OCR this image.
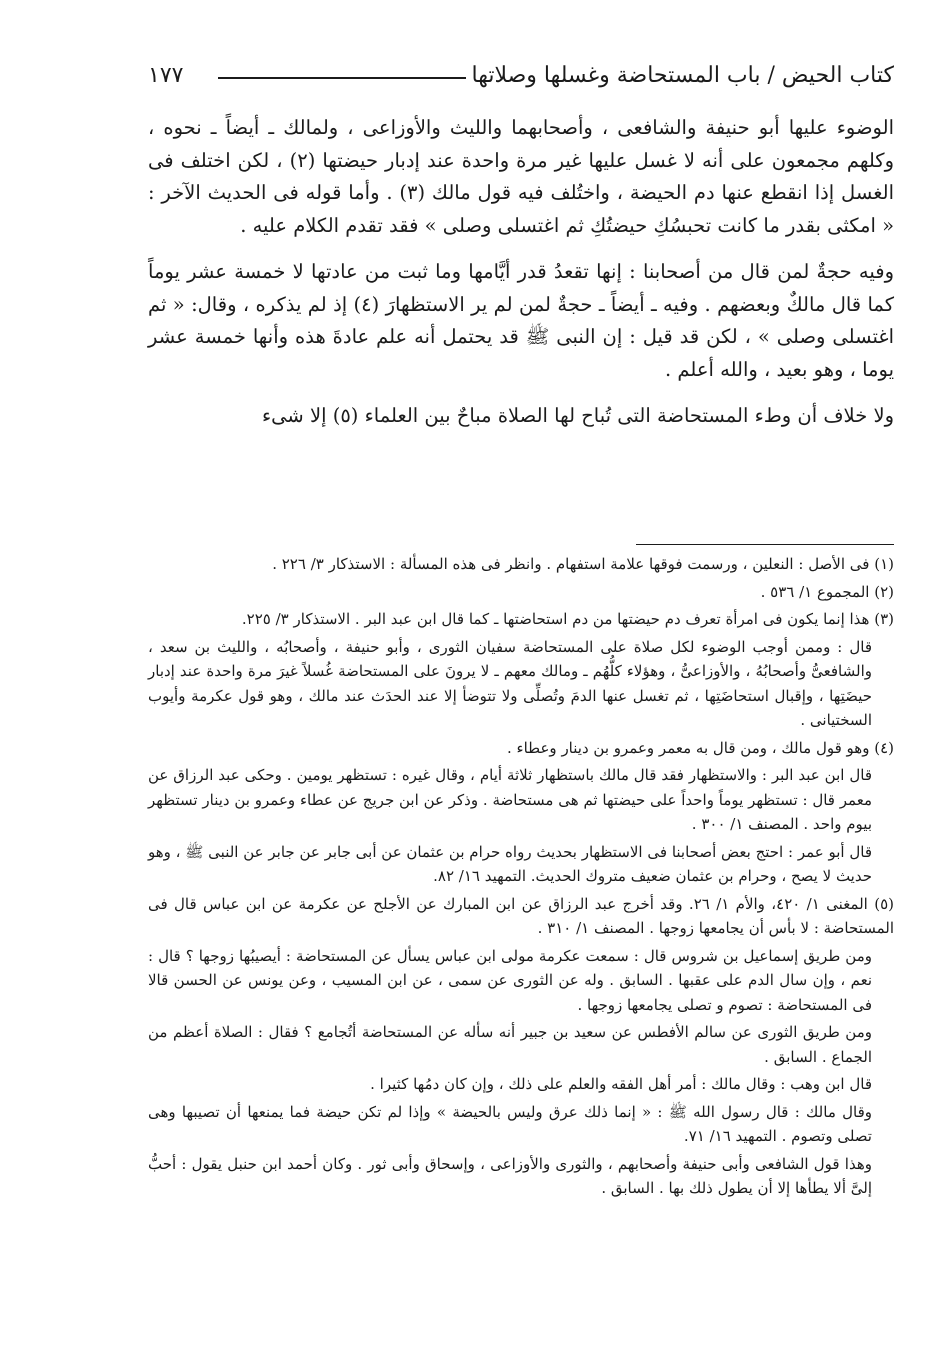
كتاب الحيض / باب المستحاضة وغسلها وصلاتها
١٧٧

الوضوء عليها أبو حنيفة والشافعى ، وأصحابهما والليث والأوزاعى ، ولمالك ـ أيضاً ـ نحوه ، وكلهم مجمعون على أنه لا غسل عليها غير مرة واحدة عند إدبار حيضتها (٢) ، لكن اختلف فى الغسل إذا انقطع عنها دم الحيضة ، واختُلف فيه قول مالك (٣) . وأما قوله فى الحديث الآخر : « امكثى بقدر ما كانت تحبسُكِ حيضتُكِ ثم اغتسلى وصلى » فقد تقدم الكلام عليه .

وفيه حجةٌ لمن قال من أصحابنا : إنها تقعدُ قدر أيَّامها وما ثبت من عادتها لا خمسة عشر يوماً كما قال مالكٌ وبعضهم . وفيه ـ أيضاً ـ حجةٌ لمن لم ير الاستظهارَ (٤) إذ لم يذكره ، وقال: « ثم اغتسلى وصلى » ، لكن قد قيل : إن النبى ﷺ قد يحتمل أنه علم عادةَ هذه وأنها خمسة عشر يوما ، وهو بعيد ، والله أعلم .

ولا خلاف أن وطء المستحاضة التى تُباح لها الصلاة مباحٌ بين العلماء (٥) إلا شىء

(١) فى الأصل : النعلين ، ورسمت فوقها علامة استفهام . وانظر فى هذه المسألة : الاستذكار ٣/ ٢٢٦ .

(٢) المجموع ١/ ٥٣٦ .

(٣) هذا إنما يكون فى امرأة تعرف دم حيضتها من دم استحاضتها ـ كما قال ابن عبد البر . الاستذكار ٣/ ٢٢٥.

قال : وممن أوجب الوضوء لكل صلاة على المستحاضة سفيان الثورى ، وأبو حنيفة ، وأصحابُه ، والليث بن سعد ، والشافعىُّ وأصحابُهُ ، والأوزاعىُّ ، وهؤلاء كلُّهُم ـ ومالك معهم ـ لا يرونَ على المستحاضة غُسلاً غيرَ مرة واحدة عند إدبار حيضَتِها ، وإقبال استحاضَتِها ، ثم تغسل عنها الدمَ وتُصلِّى ولا تتوضأ إلا عند الحدَث عند مالك ، وهو قول عكرمة وأيوب السختيانى .

(٤) وهو قول مالك ، ومن قال به معمر وعمرو بن دينار وعطاء .

قال ابن عبد البر : والاستظهار فقد قال مالك باستظهار ثلاثة أيام ، وقال غيره : تستظهر يومين . وحكى عبد الرزاق عن معمر قال : تستظهر يوماً واحداً على حيضتها ثم هى مستحاضة . وذكر عن ابن جريج عن عطاء وعمرو بن دينار تستظهر بيوم واحد . المصنف ١/ ٣٠٠ .

قال أبو عمر : احتج بعض أصحابنا فى الاستظهار بحديث رواه حرام بن عثمان عن أبى جابر عن جابر عن النبى ﷺ ، وهو حديث لا يصح ، وحرام بن عثمان ضعيف متروك الحديث. التمهيد ١٦/ ٨٢.

(٥) المغنى ١/ ٤٢٠، والأم ١/ ٢٦. وقد أخرج عبد الرزاق عن ابن المبارك عن الأجلح عن عكرمة عن ابن عباس قال فى المستحاضة : لا بأس أن يجامعها زوجها . المصنف ١/ ٣١٠ .

ومن طريق إسماعيل بن شروس قال : سمعت عكرمة مولى ابن عباس يسأل عن المستحاضة : أيصيبُها زوجها ؟ قال : نعم ، وإن سال الدم على عقبها . السابق . وله عن الثورى عن سمى ، عن ابن المسيب ، وعن يونس عن الحسن قالا فى المستحاضة : تصوم و تصلى يجامعها زوجها .

ومن طريق الثورى عن سالم الأفطس عن سعيد بن جبير أنه سأله عن المستحاضة أتُجامع ؟ فقال : الصلاة أعظم من الجماع . السابق .

قال ابن وهب : وقال مالك : أمر أهل الفقه والعلم على ذلك ، وإن كان دمُها كثيرا .

وقال مالك : قال رسول الله ﷺ : « إنما ذلك عرق وليس بالحيضة » وإذا لم تكن حيضة فما يمنعها أن تصيبها وهى تصلى وتصوم . التمهيد ١٦/ ٧١.

وهذا قول الشافعى وأبى حنيفة وأصحابهم ، والثورى والأوزاعى ، وإسحاق وأبى ثور . وكان أحمد ابن حنبل يقول : أحبُّ إلىَّ ألا يطأها إلا أن يطول ذلك بها . السابق .
